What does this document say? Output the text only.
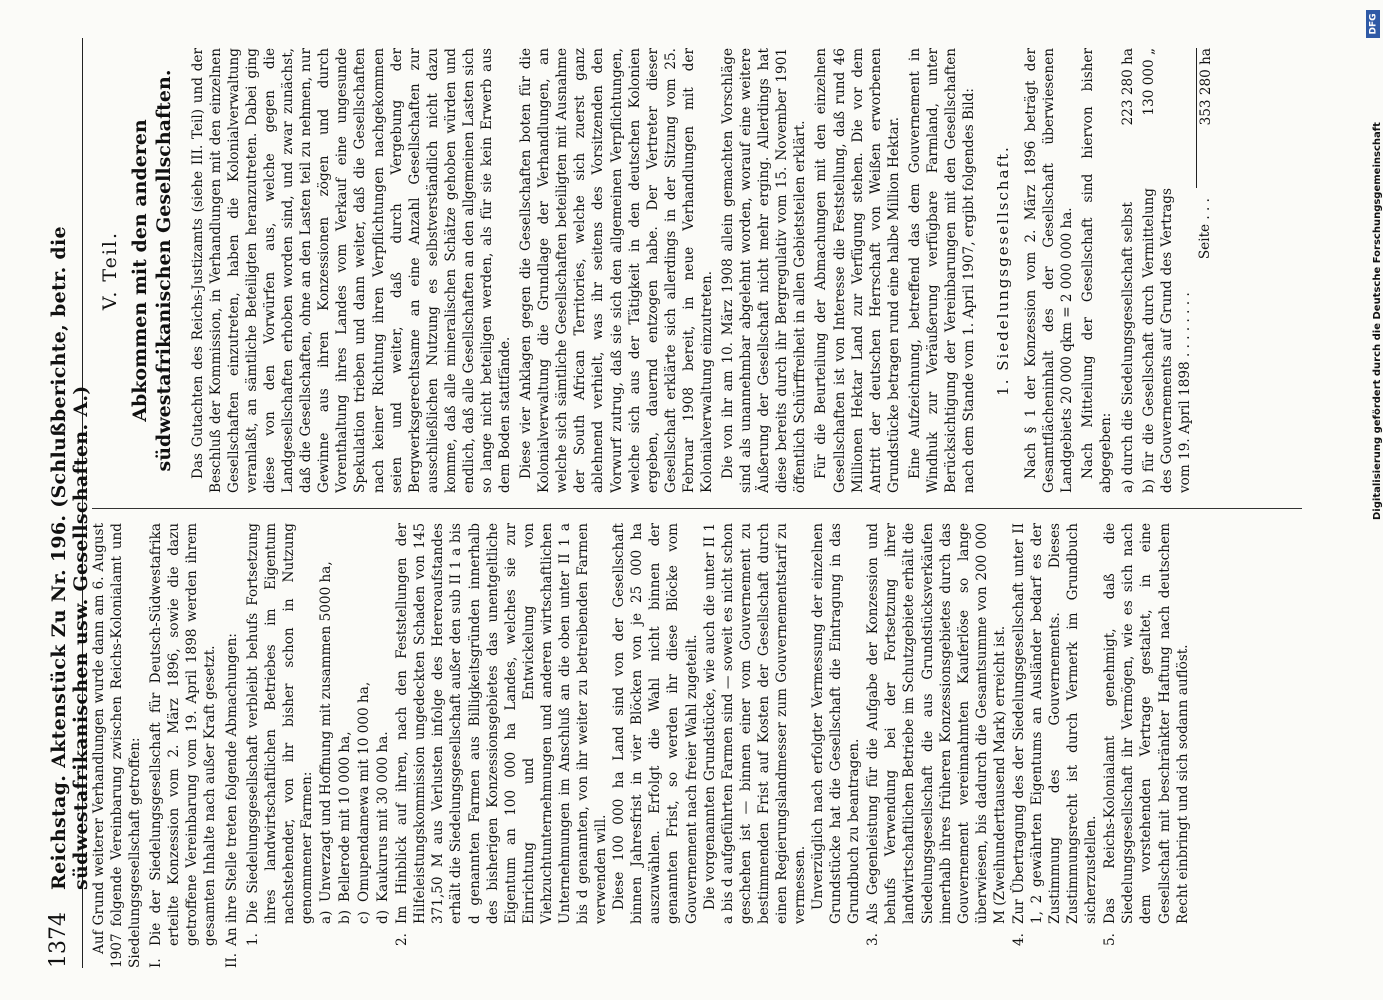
1374
Reichstag. Aktenstück Zu Nr. 196. (Schlußberichte, betr. die südwestafrikanischen usw. Gesellschaften. A.) Auf Grund weiterer Verhandlungen wurde dann am 6. August 1907 folgende Vereinbarung zwischen Reichs-Kolonialamt und Siedelungsgesellschaft getroffen: I.
Die der Siedelungsgesellschaft für Deutsch-Südwestafrika erteilte Konzession vom 2. März 1896, sowie die dazu getroffene Vereinbarung vom 19. April 1898 werden ihrem gesamten Inhalte nach außer Kraft gesetzt.
II.
An ihre Stelle treten folgende Abmachungen: 1.
Die Siedelungsgesellschaft verbleibt behufs Fortsetzung ihres landwirtschaftlichen Betriebes im Eigentum nachstehender, von ihr bisher schon in Nutzung genommener Farmen: a)
Unverzagt und Hoffnung mit zusammen 5000 ha,
b)
Bellerode mit 10 000 ha,
c)
Omupendamewa mit 10 000 ha,
d)
Kaukurus mit 30 000 ha.
2.
Im Hinblick auf ihren, nach den Feststellungen der Hilfeleistungskommission ungedeckten Schaden von 145 371,50 M aus Verlusten infolge des Hereroaufstandes erhält die Siedelungsgesellschaft außer den sub II 1 a bis d genannten Farmen aus Billigkeitsgründen innerhalb des bisherigen Konzessionsgebietes das unentgeltliche Eigentum an 100 000 ha Landes, welches sie zur Einrichtung und Entwickelung von Viehzuchtunternehmungen und anderen wirtschaftlichen Unternehmungen im Anschluß an die oben unter II 1 a bis d genannten, von ihr weiter zu betreibenden Farmen verwenden will. Diese 100 000 ha Land sind von der Gesellschaft binnen Jahresfrist in vier Blöcken von je 25 000 ha auszuwählen. Erfolgt die Wahl nicht binnen der genannten Frist, so werden ihr diese Blöcke vom Gouvernement nach freier Wahl zugeteilt. Die vorgenannten Grundstücke, wie auch die unter II 1 a bis d aufgeführten Farmen sind — soweit es nicht schon geschehen ist — binnen einer vom Gouvernement zu bestimmenden Frist auf Kosten der Gesellschaft durch einen Regierungslandmesser zum Gouvernementstarif zu vermessen. Unverzüglich nach erfolgter Vermessung der einzelnen Grundstücke hat die Gesellschaft die Eintragung in das Grundbuch zu beantragen.
3.
Als Gegenleistung für die Aufgabe der Konzession und behufs Verwendung bei der Fortsetzung ihrer landwirtschaftlichen Betriebe im Schutzgebiete erhält die Siedelungsgesellschaft die aus Grundstücksverkäufen innerhalb ihres früheren Konzessionsgebietes durch das Gouvernement vereinnahmten Kauferlöse so lange überwiesen, bis dadurch die Gesamtsumme von 200 000 M (Zweihunderttausend Mark) erreicht ist.
4.
Zur Übertragung des der Siedelungsgesellschaft unter II 1, 2 gewährten Eigentums an Ausländer bedarf es der Zustimmung des Gouvernements. Dieses Zustimmungsrecht ist durch Vermerk im Grundbuch sicherzustellen.
5.
Das Reichs-Kolonialamt genehmigt, daß die Siedelungsgesellschaft ihr Vermögen, wie es sich nach dem vorstehenden Vertrage gestaltet, in eine Gesellschaft mit beschränkter Haftung nach deutschem Recht einbringt und sich sodann auflöst.
V. Teil. Abkommen mit den anderen südwestafrikanischen Gesellschaften. Das Gutachten des Reichs-Justizamts (siehe III. Teil) und der Beschluß der Kommission, in Verhandlungen mit den einzelnen Gesellschaften einzutreten, haben die Kolonialverwaltung veranlaßt, an sämtliche Beteiligten heranzutreten. Dabei ging diese von den Vorwürfen aus, welche gegen die Landgesellschaften erhoben worden sind, und zwar zunächst, daß die Gesellschaften, ohne an den Lasten teil zu nehmen, nur Gewinne aus ihren Konzessionen zögen und durch Vorenthaltung ihres Landes vom Verkauf eine ungesunde Spekulation trieben und dann weiter, daß die Gesellschaften nach keiner Richtung ihren Verpflichtungen nachgekommen seien und weiter, daß durch Vergebung der Bergwerksgerechtsame an eine Anzahl Gesellschaften zur ausschließlichen Nutzung es selbstverständlich nicht dazu komme, daß alle mineralischen Schätze gehoben würden und endlich, daß alle Gesellschaften an den allgemeinen Lasten sich so lange nicht beteiligen werden, als für sie kein Erwerb aus dem Boden stattfände. Diese vier Anklagen gegen die Gesellschaften boten für die Kolonialverwaltung die Grundlage der Verhandlungen, an welche sich sämtliche Gesellschaften beteiligten mit Ausnahme der South African Territories, welche sich zuerst ganz ablehnend verhielt, was ihr seitens des Vorsitzenden den Vorwurf zutrug, daß sie sich den allgemeinen Verpflichtungen, welche sich aus der Tätigkeit in den deutschen Kolonien ergeben, dauernd entzogen habe. Der Vertreter dieser Gesellschaft erklärte sich allerdings in der Sitzung vom 25. Februar 1908 bereit, in neue Verhandlungen mit der Kolonialverwaltung einzutreten. Die von ihr am 10. März 1908 allein gemachten Vorschläge sind als unannehmbar abgelehnt worden, worauf eine weitere Äußerung der Gesellschaft nicht mehr erging. Allerdings hat diese bereits durch ihr Bergregulativ vom 15. November 1901 öffentlich Schürffreiheit in allen Gebietsteilen erklärt. Für die Beurteilung der Abmachungen mit den einzelnen Gesellschaften ist von Interesse die Feststellung, daß rund 46 Millionen Hektar Land zur Verfügung stehen. Die vor dem Antritt der deutschen Herrschaft von Weißen erworbenen Grundstücke betragen rund eine halbe Million Hektar. Eine Aufzeichnung, betreffend das dem Gouvernement in Windhuk zur Veräußerung verfügbare Farmland, unter Berücksichtigung der Vereinbarungen mit den Gesellschaften nach dem Stande vom 1. April 1907, ergibt folgendes Bild: 1. Siedelungsgesellschaft. Nach § 1 der Konzession vom 2. März 1896 beträgt der Gesamtflächeninhalt des der Gesellschaft überwiesenen Landgebiets 20 000 qkm = 2 000 000 ha. Nach Mitteilung der Gesellschaft sind hiervon bisher abgegeben: a) durch die Siedelungsgesellschaft selbst
223 280 ha
b) für die Gesellschaft durch Vermittelung des Gouvernements auf Grund des Vertrags vom 19. April 1898 . . . . . . . .
130 000 „
Seite . . .
353 280 ha
DFG
Digitalisierung gefördert durch die Deutsche Forschungsgemeinschaft
